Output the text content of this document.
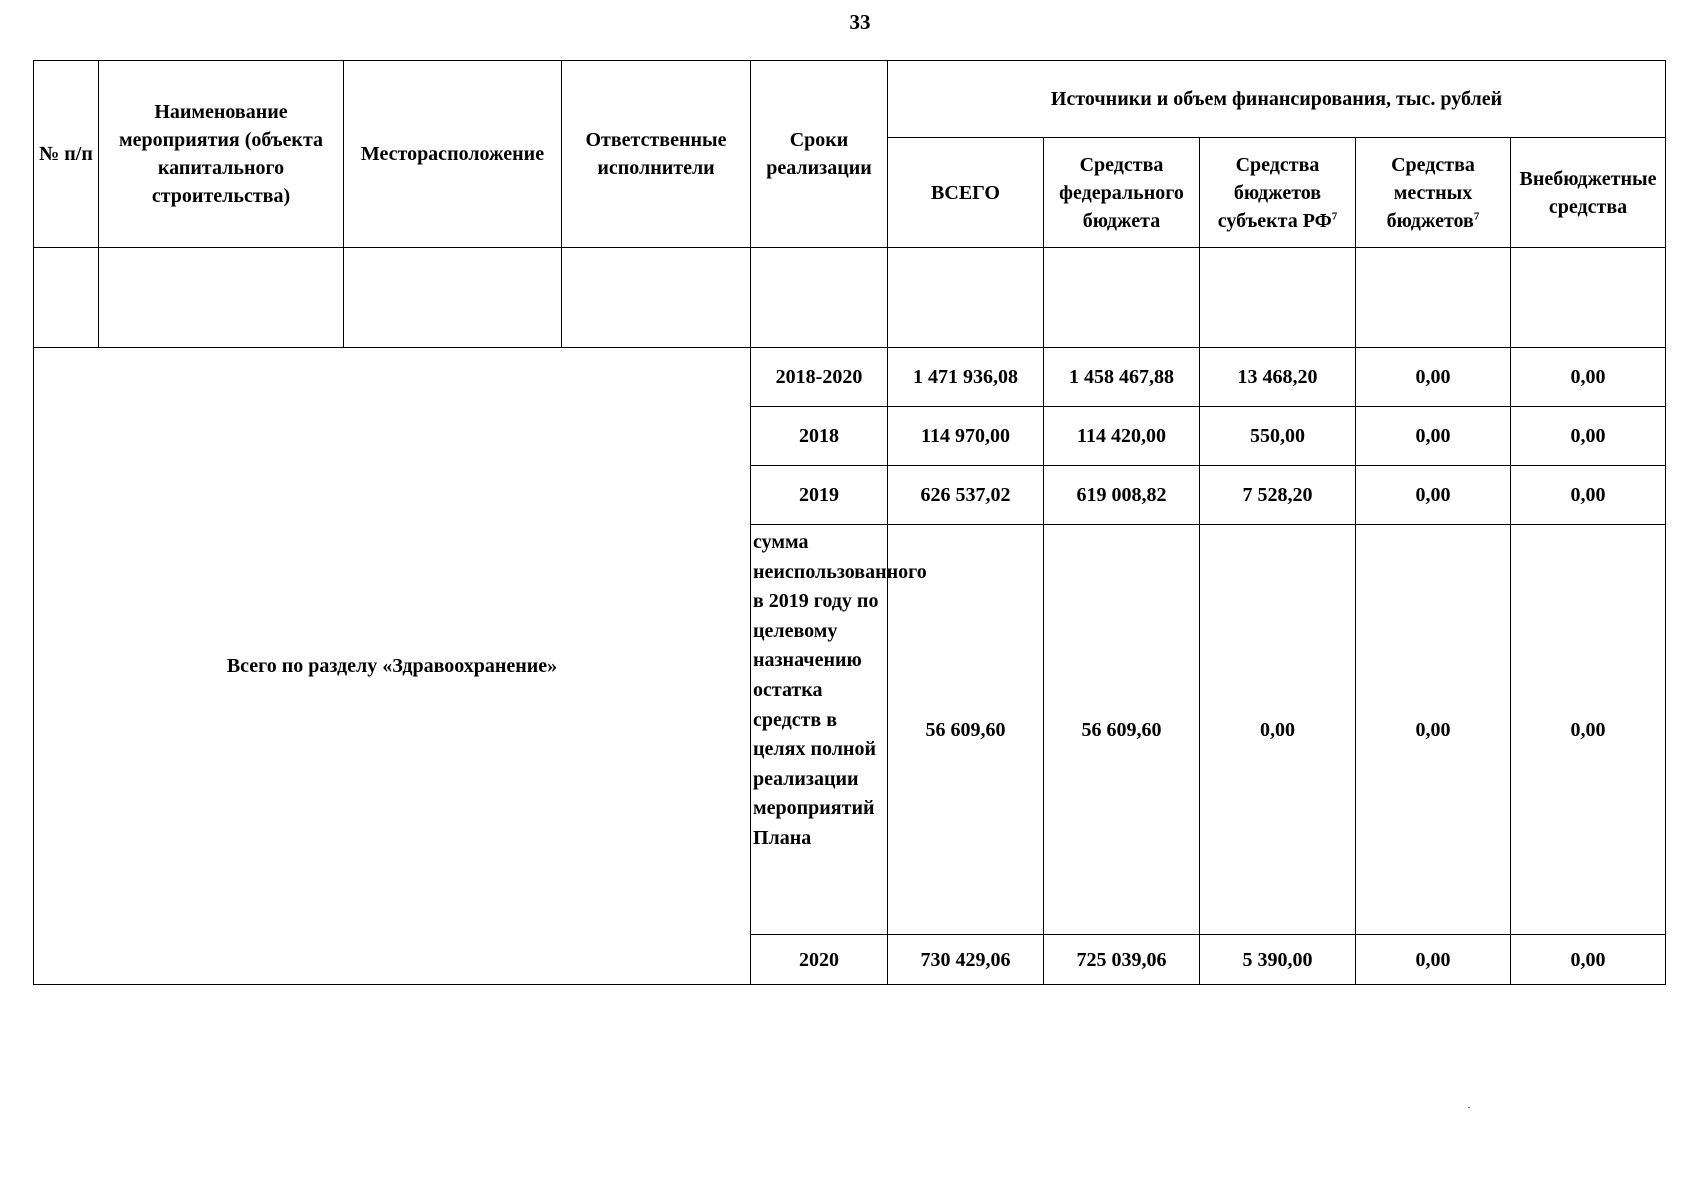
33
№ п/п	Наименование мероприятия (объекта капитального строительства)	Месторасположение	Ответственные исполнители	Сроки реализации	Источники и объем финансирования, тыс. рублей				
					ВСЕГО	Средства федерального бюджета	Средства бюджетов субъекта $РФ^7$	Средства местных бюджетов$^7$	Внебюджетные средства

Всего по разделу «Здравоохранение»				2018-2020	1 471 936,08	1 458 467,88	13 468,20	0,00	0,00
				2018	114 970,00	114 420,00	550,00	0,00	0,00
				2019	626 537,02	619 008,82	7 528,20	0,00	0,00
				сумма неиспользованного в 2019 году по целевому назначению остатка средств в целях полной реализации мероприятий Плана	56 609,60	56 609,60	0,00	0,00	0,00
				2020	730 429,06	725 039,06	5 390,00	0,00	0,00
